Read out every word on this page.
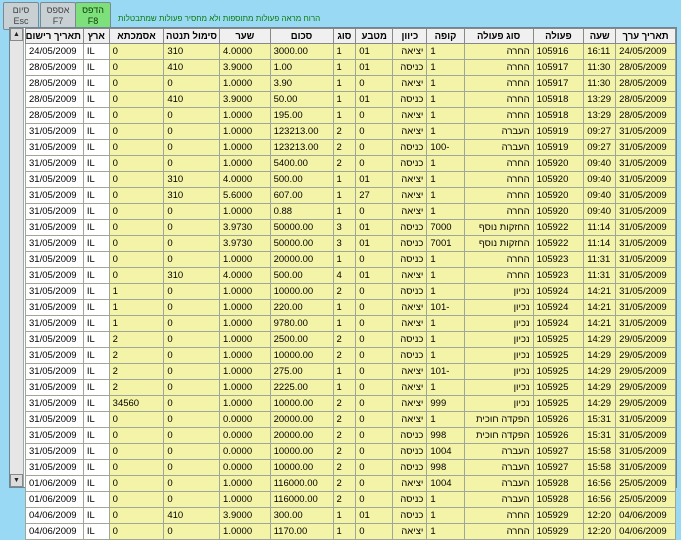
סיום
Esc
אספס
F7
הדפס
F8	הרוח מראה פעולות מתוספות ולא מחסיר פעולות שמתבטלות
▲
▼
תאריך ערך	שעה	פעולה	סוג פעולה	קופה	כיוון	מטבע	סוג	סכום	שער	סימול תנטה	אסמכתא	ארץ	תאריך רישום
24/05/2009	16:11	105916	החרה	1	יציאה	01	1	3000.00	4.0000	310	0	IL	24/05/2009
28/05/2009	11:30	105917	החרה	1	כניסה	01	1	1.00	3.9000	410	0	IL	28/05/2009
28/05/2009	11:30	105917	החרה	1	יציאה	0	1	3.90	1.0000	0	0	IL	28/05/2009
28/05/2009	13:29	105918	החרה	1	כניסה	01	1	50.00	3.9000	410	0	IL	28/05/2009
28/05/2009	13:29	105918	החרה	1	יציאה	0	1	195.00	1.0000	0	0	IL	28/05/2009
31/05/2009	09:27	105919	העברה	1	יציאה	0	2	123213.00	1.0000	0	0	IL	31/05/2009
31/05/2009	09:27	105919	העברה	100-	כניסה	0	2	123213.00	1.0000	0	0	IL	31/05/2009
31/05/2009	09:40	105920	החרה	1	כניסה	0	2	5400.00	1.0000	0	0	IL	31/05/2009
31/05/2009	09:40	105920	החרה	1	יציאה	01	1	500.00	4.0000	310	0	IL	31/05/2009
31/05/2009	09:40	105920	החרה	1	יציאה	27	1	607.00	5.6000	310	0	IL	31/05/2009
31/05/2009	09:40	105920	החרה	1	יציאה	0	1	0.88	1.0000	0	0	IL	31/05/2009
31/05/2009	11:14	105922	החזקות נוסף	7000	כניסה	01	3	50000.00	3.9730	0	0	IL	31/05/2009
31/05/2009	11:14	105922	החזקות נוסף	7001	כניסה	01	3	50000.00	3.9730	0	0	IL	31/05/2009
31/05/2009	11:31	105923	החרה	1	כניסה	0	1	20000.00	1.0000	0	0	IL	31/05/2009
31/05/2009	11:31	105923	החרה	1	יציאה	01	4	500.00	4.0000	310	0	IL	31/05/2009
31/05/2009	14:21	105924	נכיון	1	כניסה	0	2	10000.00	1.0000	0	1	IL	31/05/2009
31/05/2009	14:21	105924	נכיון	101-	יציאה	0	1	220.00	1.0000	0	1	IL	31/05/2009
31/05/2009	14:21	105924	נכיון	1	יציאה	0	1	9780.00	1.0000	0	1	IL	31/05/2009
29/05/2009	14:29	105925	נכיון	1	כניסה	0	2	2500.00	1.0000	0	2	IL	31/05/2009
29/05/2009	14:29	105925	נכיון	1	כניסה	0	2	10000.00	1.0000	0	2	IL	31/05/2009
29/05/2009	14:29	105925	נכיון	101-	יציאה	0	1	275.00	1.0000	0	2	IL	31/05/2009
29/05/2009	14:29	105925	נכיון	1	יציאה	0	1	2225.00	1.0000	0	2	IL	31/05/2009
29/05/2009	14:29	105925	נכיון	999	יציאה	0	2	10000.00	1.0000	0	34560	IL	31/05/2009
31/05/2009	15:31	105926	הפקדה חוכית	1	יציאה	0	2	20000.00	0.0000	0	0	IL	31/05/2009
31/05/2009	15:31	105926	הפקדה חוכית	998	כניסה	0	2	20000.00	0.0000	0	0	IL	31/05/2009
31/05/2009	15:58	105927	העברה	1004	כניסה	0	2	10000.00	0.0000	0	0	IL	31/05/2009
31/05/2009	15:58	105927	העברה	998	כניסה	0	2	10000.00	0.0000	0	0	IL	31/05/2009
25/05/2009	16:56	105928	העברה	1004	יציאה	0	2	116000.00	1.0000	0	0	IL	01/06/2009
25/05/2009	16:56	105928	העברה	1	כניסה	0	2	116000.00	1.0000	0	0	IL	01/06/2009
04/06/2009	12:20	105929	החרה	1	כניסה	01	1	300.00	3.9000	410	0	IL	04/06/2009
04/06/2009	12:20	105929	החרה	1	יציאה	0	1	1170.00	1.0000	0	0	IL	04/06/2009
